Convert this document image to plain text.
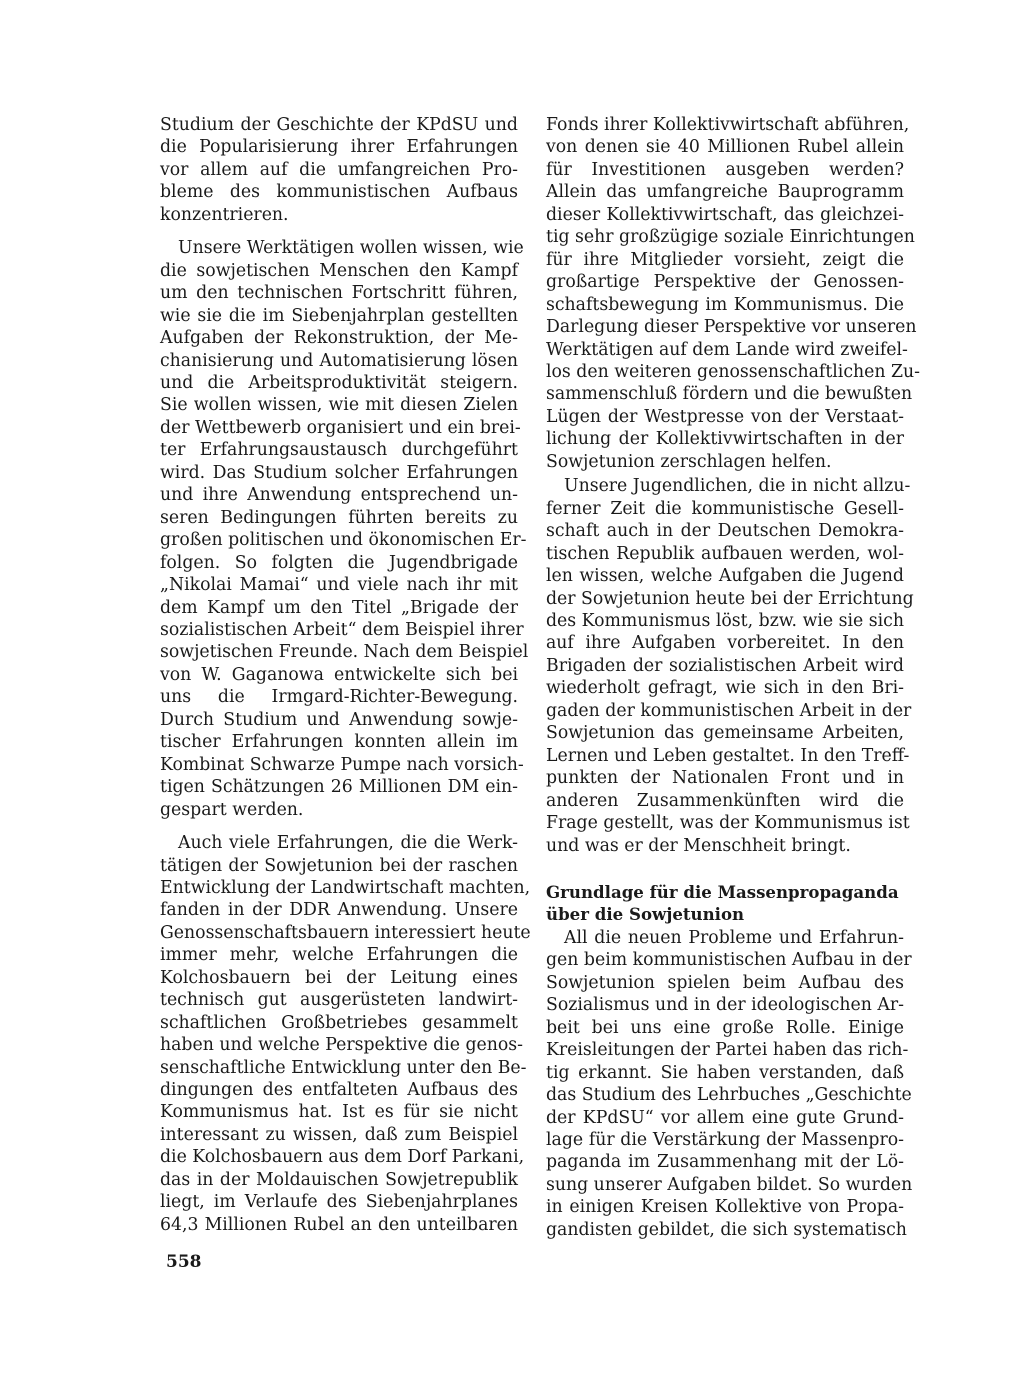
Studium der Geschichte der KPdSU und
die Popularisierung ihrer Erfahrungen
vor allem auf die umfangreichen Pro-
bleme des kommunistischen Aufbaus
konzentrieren.
Unsere Werktätigen wollen wissen, wie
die sowjetischen Menschen den Kampf
um den technischen Fortschritt führen,
wie sie die im Siebenjahrplan gestellten
Aufgaben der Rekonstruktion, der Me-
chanisierung und Automatisierung lösen
und die Arbeitsproduktivität steigern.
Sie wollen wissen, wie mit diesen Zielen
der Wettbewerb organisiert und ein brei-
ter Erfahrungsaustausch durchgeführt
wird. Das Studium solcher Erfahrungen
und ihre Anwendung entsprechend un-
seren Bedingungen führten bereits zu
großen politischen und ökonomischen Er-
folgen. So folgten die Jugendbrigade
„Nikolai Mamai“ und viele nach ihr mit
dem Kampf um den Titel „Brigade der
sozialistischen Arbeit“ dem Beispiel ihrer
sowjetischen Freunde. Nach dem Beispiel
von W. Gaganowa entwickelte sich bei
uns die Irmgard-Richter-Bewegung.
Durch Studium und Anwendung sowje-
tischer Erfahrungen konnten allein im
Kombinat Schwarze Pumpe nach vorsich-
tigen Schätzungen 26 Millionen DM ein-
gespart werden.
Auch viele Erfahrungen, die die Werk-
tätigen der Sowjetunion bei der raschen
Entwicklung der Landwirtschaft machten,
fanden in der DDR Anwendung. Unsere
Genossenschaftsbauern interessiert heute
immer mehr, welche Erfahrungen die
Kolchosbauern bei der Leitung eines
technisch gut ausgerüsteten landwirt-
schaftlichen Großbetriebes gesammelt
haben und welche Perspektive die genos-
senschaftliche Entwicklung unter den Be-
dingungen des entfalteten Aufbaus des
Kommunismus hat. Ist es für sie nicht
interessant zu wissen, daß zum Beispiel
die Kolchosbauern aus dem Dorf Parkani,
das in der Moldauischen Sowjetrepublik
liegt, im Verlaufe des Siebenjahrplanes
64,3 Millionen Rubel an den unteilbaren
Fonds ihrer Kollektivwirtschaft abführen,
von denen sie 40 Millionen Rubel allein
für Investitionen ausgeben werden?
Allein das umfangreiche Bauprogramm
dieser Kollektivwirtschaft, das gleichzei-
tig sehr großzügige soziale Einrichtungen
für ihre Mitglieder vorsieht, zeigt die
großartige Perspektive der Genossen-
schaftsbewegung im Kommunismus. Die
Darlegung dieser Perspektive vor unseren
Werktätigen auf dem Lande wird zweifel-
los den weiteren genossenschaftlichen Zu-
sammenschluß fördern und die bewußten
Lügen der Westpresse von der Verstaat-
lichung der Kollektivwirtschaften in der
Sowjetunion zerschlagen helfen.
Unsere Jugendlichen, die in nicht allzu-
ferner Zeit die kommunistische Gesell-
schaft auch in der Deutschen Demokra-
tischen Republik aufbauen werden, wol-
len wissen, welche Aufgaben die Jugend
der Sowjetunion heute bei der Errichtung
des Kommunismus löst, bzw. wie sie sich
auf ihre Aufgaben vorbereitet. In den
Brigaden der sozialistischen Arbeit wird
wiederholt gefragt, wie sich in den Bri-
gaden der kommunistischen Arbeit in der
Sowjetunion das gemeinsame Arbeiten,
Lernen und Leben gestaltet. In den Treff-
punkten der Nationalen Front und in
anderen Zusammenkünften wird die
Frage gestellt, was der Kommunismus ist
und was er der Menschheit bringt.
Grundlage für die Massenpropaganda
über die Sowjetunion
All die neuen Probleme und Erfahrun-
gen beim kommunistischen Aufbau in der
Sowjetunion spielen beim Aufbau des
Sozialismus und in der ideologischen Ar-
beit bei uns eine große Rolle. Einige
Kreisleitungen der Partei haben das rich-
tig erkannt. Sie haben verstanden, daß
das Studium des Lehrbuches „Geschichte
der KPdSU“ vor allem eine gute Grund-
lage für die Verstärkung der Massenpro-
paganda im Zusammenhang mit der Lö-
sung unserer Aufgaben bildet. So wurden
in einigen Kreisen Kollektive von Propa-
gandisten gebildet, die sich systematisch
558
